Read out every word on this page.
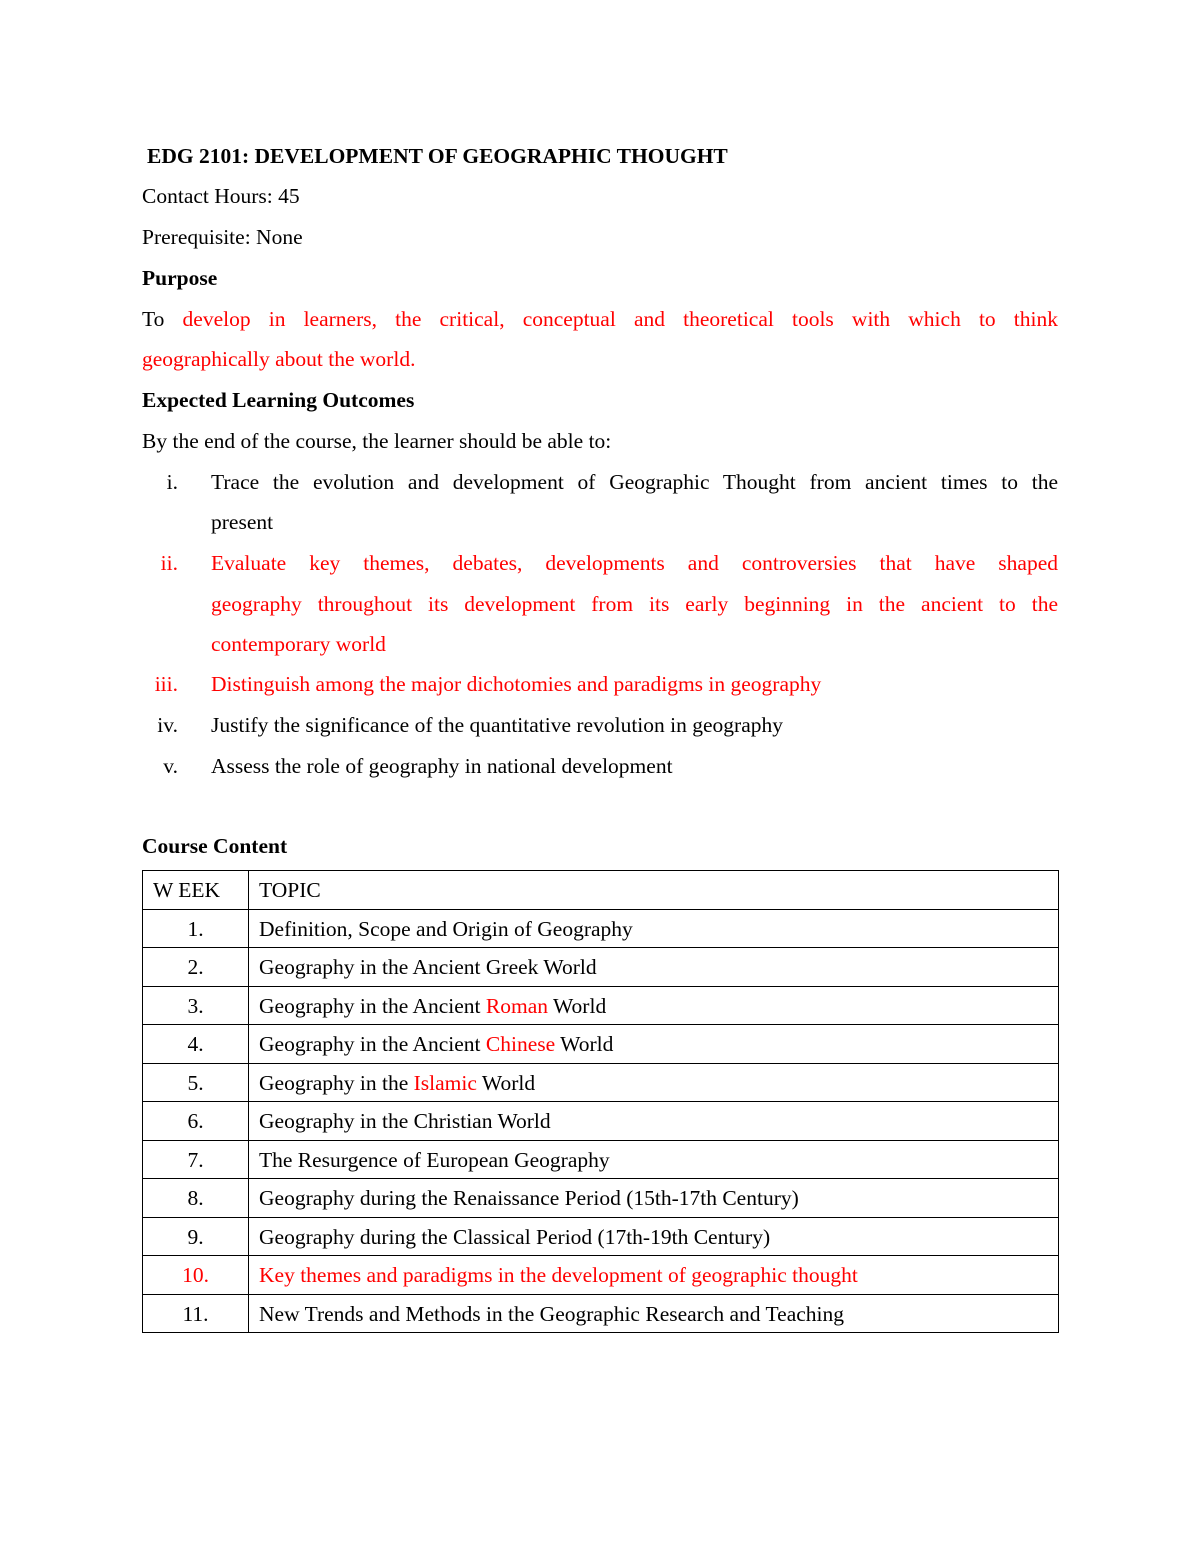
EDG 2101: DEVELOPMENT OF GEOGRAPHIC THOUGHT
Contact Hours: 45
Prerequisite: None
Purpose
To develop in learners, the critical, conceptual and theoretical tools with which to think
geographically about the world.
Expected Learning Outcomes
By the end of the course, the learner should be able to:
i. Trace the evolution and development of Geographic Thought from ancient times to the
present
ii. Evaluate key themes, debates, developments and controversies that have shaped
geography throughout its development from its early beginning in the ancient to the
contemporary world
iii. Distinguish among the major dichotomies and paradigms in geography
iv. Justify the significance of the quantitative revolution in geography
v. Assess the role of geography in national development
Course Content
W EEK	TOPIC
1.	Definition, Scope and Origin of Geography
2.	Geography in the Ancient Greek World
3.	Geography in the Ancient Roman World
4.	Geography in the Ancient Chinese World
5.	Geography in the Islamic World
6.	Geography in the Christian World
7.	The Resurgence of European Geography
8.	Geography during the Renaissance Period (15th-17th Century)
9.	Geography during the Classical Period (17th-19th Century)
10.	Key themes and paradigms in the development of geographic thought
11.	New Trends and Methods in the Geographic Research and Teaching
